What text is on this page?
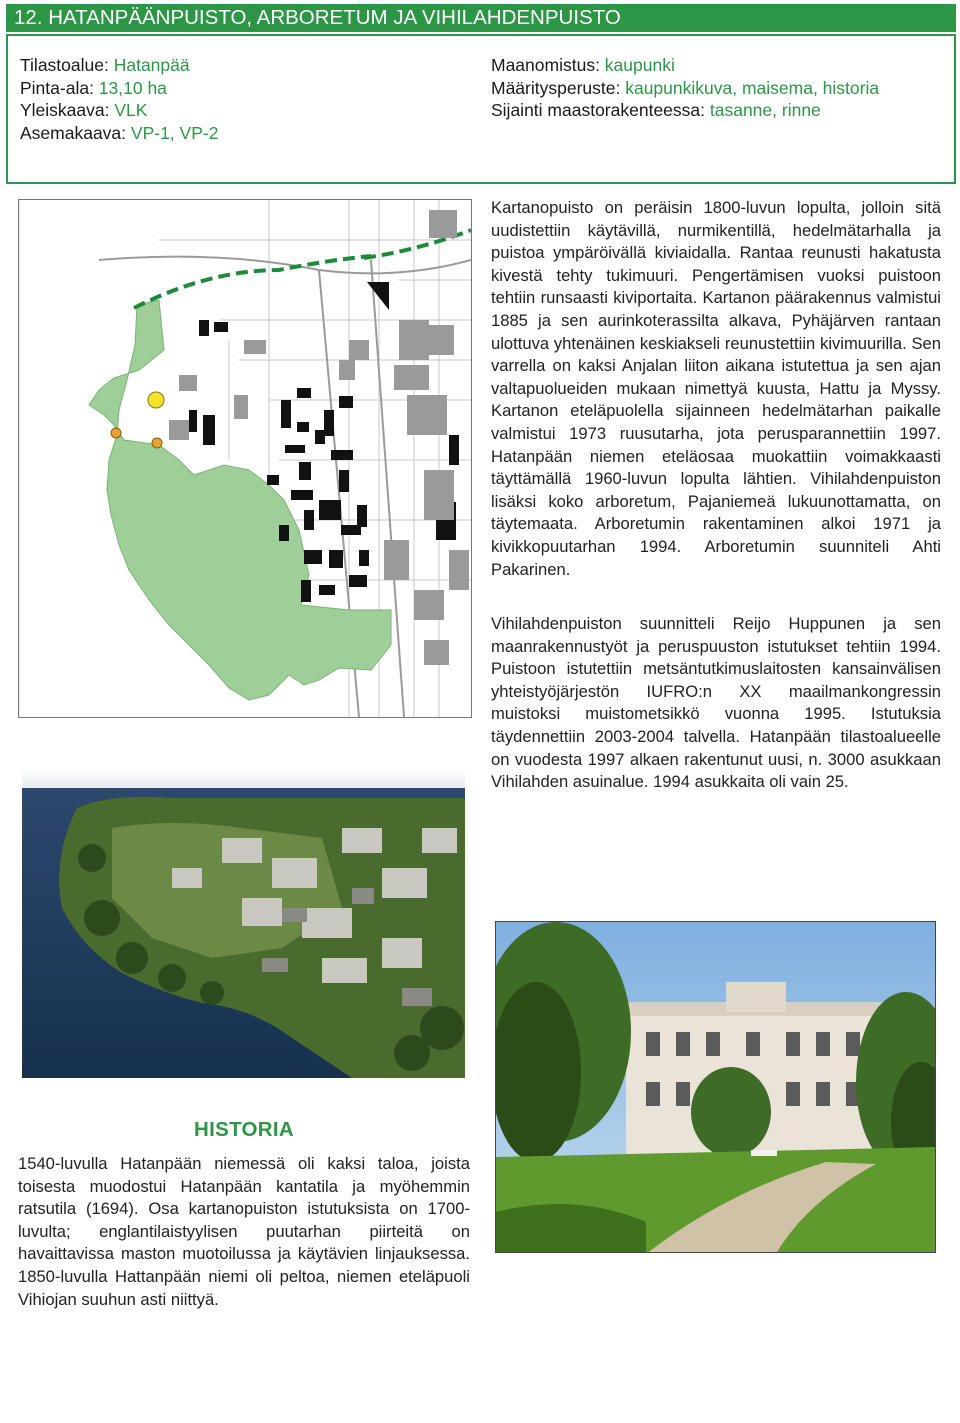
12. HATANPÄÄNPUISTO, ARBORETUM JA VIHILAHDENPUISTO
Tilastoalue: Hatanpää
Pinta-ala: 13,10 ha
Yleiskaava: VLK
Asemakaava: VP-1, VP-2
Maanomistus: kaupunki
Määritysperuste: kaupunkikuva, maisema, historia
Sijainti maastorakenteessa: tasanne, rinne

Kartanopuisto on peräisin 1800-luvun lopulta, jolloin sitä uudistettiin käytävillä, nurmikentillä, hedelmätarhalla ja puistoa ympäröivällä kiviaidalla. Rantaa reunusti hakatusta kivestä tehty tukimuuri. Pengertämisen vuoksi puistoon tehtiin runsaasti kiviportaita. Kartanon päärakennus valmistui 1885 ja sen aurinkoterassilta alkava, Pyhäjärven rantaan ulottuva yhtenäinen keskiakseli reunustettiin kivimuurilla. Sen varrella on kaksi Anjalan liiton aikana istutettua ja sen ajan valtapuolueiden mukaan nimettyä kuusta, Hattu ja Myssy. Kartanon eteläpuolella sijainneen hedelmätarhan paikalle valmistui 1973 ruusutarha, jota perusparannettiin 1997. Hatanpään niemen eteläosaa muokattiin voimakkaasti täyttämällä 1960-luvun lopulta lähtien. Vihilahdenpuiston lisäksi koko arboretum, Pajaniemeä lukuunottamatta, on täytemaata. Arboretumin rakentaminen alkoi 1971 ja kivikkopuutarhan 1994. Arboretumin suunniteli Ahti Pakarinen.

Vihilahdenpuiston suunnitteli Reijo Huppunen ja sen maanrakennustyöt ja peruspuuston istutukset tehtiin 1994. Puistoon istutettiin metsäntutkimuslaitosten kansainvälisen yhteistyöjärjestön IUFRO:n XX maailmankongressin muistoksi muistometsikkö vuonna 1995. Istutuksia täydennettiin 2003-2004 talvella. Hatanpään tilastoalueelle on vuodesta 1997 alkaen rakentunut uusi, n. 3000 asukkaan Vihilahden asuinalue. 1994 asukkaita oli vain 25.

HISTORIA

1540-luvulla Hatanpään niemessä oli kaksi taloa, joista toisesta muodostui Hatanpään kantatila ja myöhemmin ratsutila (1694). Osa kartanopuiston istutuksista on 1700-luvulta; englantilaistyylisen puutarhan piirteitä on havaittavissa maston muotoilussa ja käytävien linjauksessa. 1850-luvulla Hattanpään niemi oli peltoa, niemen eteläpuoli Vihiojan suuhun asti niittyä.
